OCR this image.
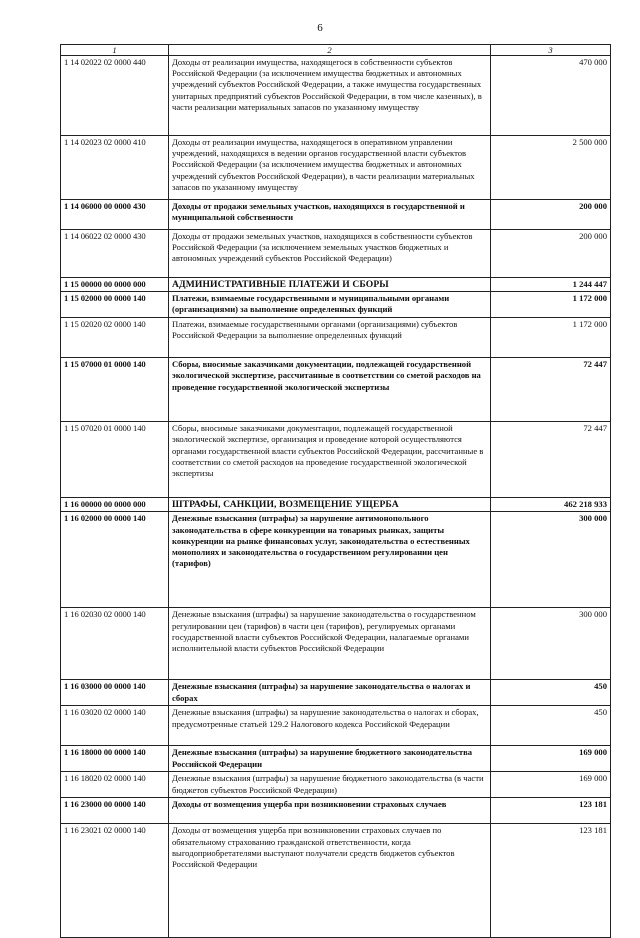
6
1	2	3
1 14 02022 02 0000 440	Доходы от реализации имущества, находящегося в собственности субъектов Российской Федерации (за исключением имущества бюджетных и автономных учреждений субъектов Российской Федерации, а также имущества государственных унитарных предприятий субъектов Российской Федерации, в том числе казенных), в части реализации материальных запасов по указанному имуществу	470 000
1 14 02023 02 0000 410	Доходы от реализации имущества, находящегося в оперативном управлении учреждений, находящихся в ведении органов государственной власти субъектов Российской Федерации (за исключением имущества бюджетных и автономных учреждений субъектов Российской Федерации), в части реализации материальных запасов по указанному имуществу	2 500 000
1 14 06000 00 0000 430	Доходы от продажи земельных участков, находящихся в государственной и муниципальной собственности	200 000
1 14 06022 02 0000 430	Доходы от продажи земельных участков, находящихся в собственности субъектов Российской Федерации (за исключением земельных участков бюджетных и автономных учреждений субъектов Российской Федерации)	200 000
1 15 00000 00 0000 000	АДМИНИСТРАТИВНЫЕ ПЛАТЕЖИ И СБОРЫ	1 244 447
1 15 02000 00 0000 140	Платежи, взимаемые государственными и муниципальными органами (организациями) за выполнение определенных функций	1 172 000
1 15 02020 02 0000 140	Платежи, взимаемые государственными органами (организациями) субъектов Российской Федерации за выполнение определенных функций	1 172 000
1 15 07000 01 0000 140	Сборы, вносимые заказчиками документации, подлежащей государственной экологической экспертизе, рассчитанные в соответствии со сметой расходов на проведение государственной экологической экспертизы	72 447
1 15 07020 01 0000 140	Сборы, вносимые заказчиками документации, подлежащей государственной экологической экспертизе, организация и проведение которой осуществляются органами государственной власти субъектов Российской Федерации, рассчитанные в соответствии со сметой расходов на проведение государственной экологической экспертизы	72 447
1 16 00000 00 0000 000	ШТРАФЫ, САНКЦИИ, ВОЗМЕЩЕНИЕ УЩЕРБА	462 218 933
1 16 02000 00 0000 140	Денежные взыскания (штрафы) за нарушение антимонопольного законодательства в сфере конкуренции на товарных рынках, защиты конкуренции на рынке финансовых услуг, законодательства о естественных монополиях и законодательства о государственном регулировании цен (тарифов)	300 000
1 16 02030 02 0000 140	Денежные взыскания (штрафы) за нарушение законодательства о государственном регулировании цен (тарифов) в части цен (тарифов), регулируемых органами государственной власти субъектов Российской Федерации, налагаемые органами исполнительной власти субъектов Российской Федерации	300 000
1 16 03000 00 0000 140	Денежные взыскания (штрафы) за нарушение законодательства о налогах и сборах	450
1 16 03020 02 0000 140	Денежные взыскания (штрафы) за нарушение законодательства о налогах и сборах, предусмотренные статьей 129.2 Налогового кодекса Российской Федерации	450
1 16 18000 00 0000 140	Денежные взыскания (штрафы) за нарушение бюджетного законодательства Российской Федерации	169 000
1 16 18020 02 0000 140	Денежные взыскания (штрафы) за нарушение бюджетного законодательства (в части бюджетов субъектов Российской Федерации)	169 000
1 16 23000 00 0000 140	Доходы от возмещения ущерба при возникновении страховых случаев	123 181
1 16 23021 02 0000 140	Доходы от возмещения ущерба при возникновении страховых случаев по обязательному страхованию гражданской ответственности, когда выгодоприобретателями выступают получатели средств бюджетов субъектов Российской Федерации	123 181
